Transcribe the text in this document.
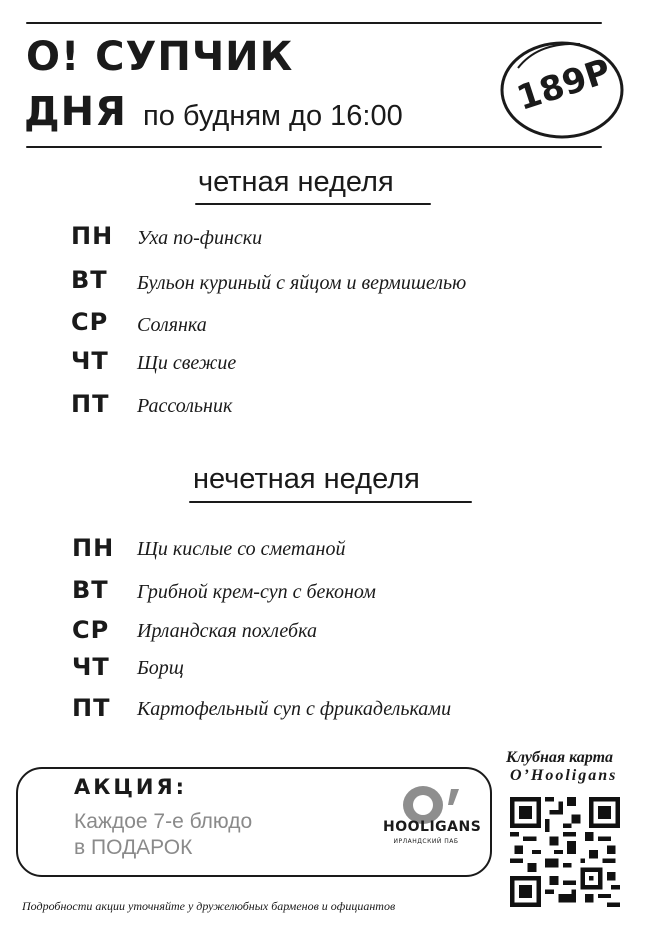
О! СУПЧИК
ДНЯ по будням до 16:00	189Р
четная неделя
ПН Уха по-фински
ВТ Бульон куриный с яйцом и вермишелью
СР Солянка
ЧТ Щи свежие
ПТ Рассольник
нечетная неделя
ПН Щи кислые со сметаной
ВТ Грибной крем-суп с беконом
СР Ирландская похлебка
ЧТ Борщ
ПТ Картофельный суп с фрикадельками
АКЦИЯ:
Каждое 7-е блюдо
в ПОДАРОК
HOOLIGANS
ИРЛАНДСКИЙ ПАБ
Клубная карта
O’Hooligans
Подробности акции уточняйте у дружелюбных барменов и официантов
